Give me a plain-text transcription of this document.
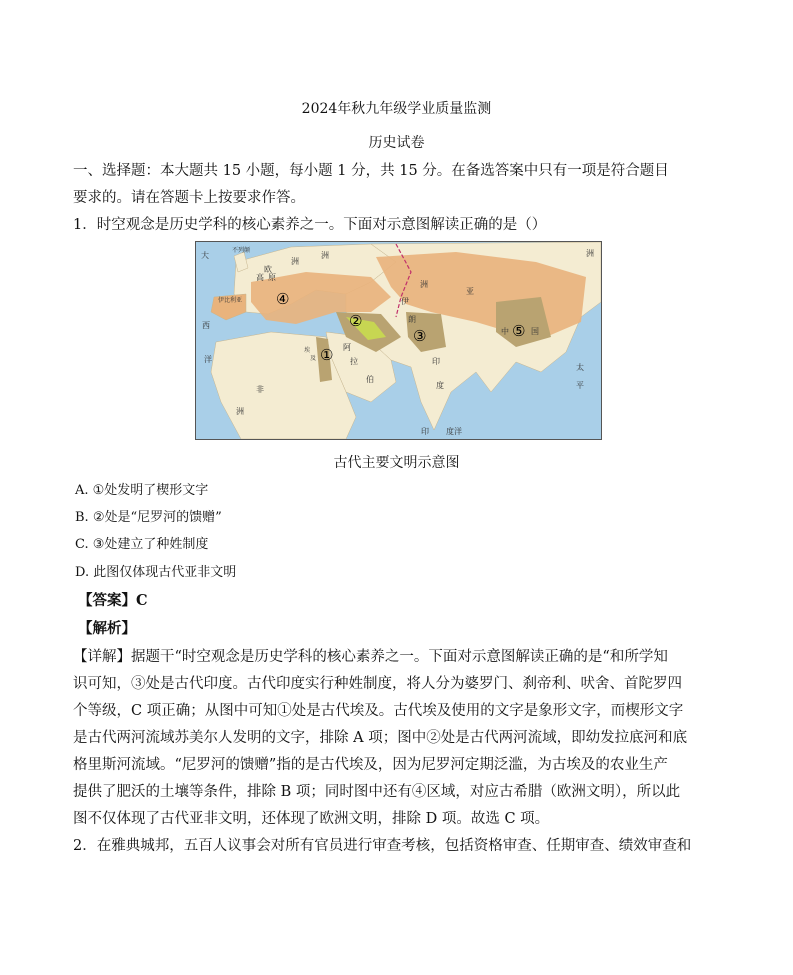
2024年秋九年级学业质量监测
历史试卷
一、选择题：本大题共 15 小题，每小题 1 分，共 15 分。在备选答案中只有一项是符合题目
要求的。请在答题卡上按要求作答。
1．时空观念是历史学科的核心素养之一。下面对示意图解读正确的是（）
①
②
③
④
⑤
大
西
洋
欧
洲
伊比利亚
不列颠
高 原
伊
朗
洲
亚
阿
拉
伯
印
度
中	国
太
平
非
洲
印 度洋
埃
及
洲
洲
古代主要文明示意图
A. ①处发明了楔形文字
B. ②处是“尼罗河的馈赠”
C. ③处建立了种姓制度
D. 此图仅体现古代亚非文明
【答案】C
【解析】
【详解】据题干“时空观念是历史学科的核心素养之一。下面对示意图解读正确的是“和所学知
识可知，③处是古代印度。古代印度实行种姓制度，将人分为婆罗门、刹帝利、吠舍、首陀罗四
个等级，C 项正确；从图中可知①处是古代埃及。古代埃及使用的文字是象形文字，而楔形文字
是古代两河流域苏美尔人发明的文字，排除 A 项；图中②处是古代两河流域，即幼发拉底河和底
格里斯河流域。“尼罗河的馈赠”指的是古代埃及，因为尼罗河定期泛滥，为古埃及的农业生产
提供了肥沃的土壤等条件，排除 B 项；同时图中还有④区域，对应古希腊（欧洲文明），所以此
图不仅体现了古代亚非文明，还体现了欧洲文明，排除 D 项。故选 C 项。
2．在雅典城邦，五百人议事会对所有官员进行审查考核，包括资格审查、任期审查、绩效审查和
